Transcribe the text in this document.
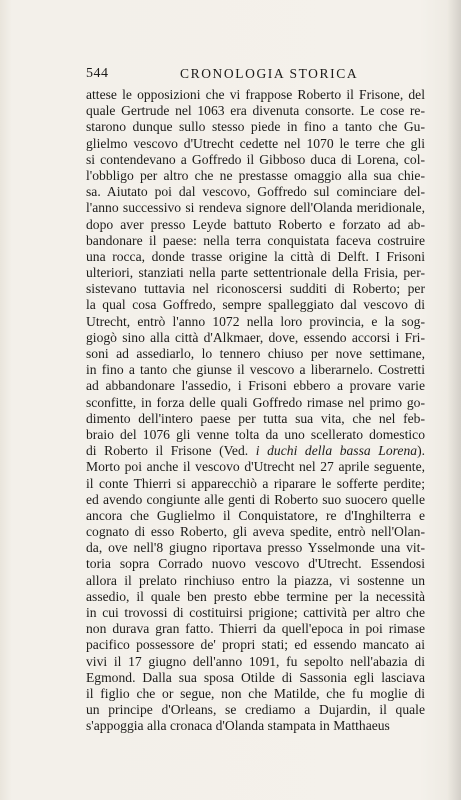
544	CRONOLOGIA STORICA
attese le opposizioni che vi frappose Roberto il Frisone, del
quale Gertrude nel 1063 era divenuta consorte. Le cose re-
starono dunque sullo stesso piede in fino a tanto che Gu-
glielmo vescovo d'Utrecht cedette nel 1070 le terre che gli
si contendevano a Goffredo il Gibboso duca di Lorena, col-
l'obbligo per altro che ne prestasse omaggio alla sua chie-
sa. Aiutato poi dal vescovo, Goffredo sul cominciare del-
l'anno successivo si rendeva signore dell'Olanda meridionale,
dopo aver presso Leyde battuto Roberto e forzato ad ab-
bandonare il paese: nella terra conquistata faceva costruire
una rocca, donde trasse origine la città di Delft. I Frisoni
ulteriori, stanziati nella parte settentrionale della Frisia, per-
sistevano tuttavia nel riconoscersi sudditi di Roberto; per
la qual cosa Goffredo, sempre spalleggiato dal vescovo di
Utrecht, entrò l'anno 1072 nella loro provincia, e la sog-
giogò sino alla città d'Alkmaer, dove, essendo accorsi i Fri-
soni ad assediarlo, lo tennero chiuso per nove settimane,
in fino a tanto che giunse il vescovo a liberarnelo. Costretti
ad abbandonare l'assedio, i Frisoni ebbero a provare varie
sconfitte, in forza delle quali Goffredo rimase nel primo go-
dimento dell'intero paese per tutta sua vita, che nel feb-
braio del 1076 gli venne tolta da uno scellerato domestico
di Roberto il Frisone (Ved. i duchi della bassa Lorena).
Morto poi anche il vescovo d'Utrecht nel 27 aprile seguente,
il conte Thierri si apparecchiò a riparare le sofferte perdite;
ed avendo congiunte alle genti di Roberto suo suocero quelle
ancora che Guglielmo il Conquistatore, re d'Inghilterra e
cognato di esso Roberto, gli aveva spedite, entrò nell'Olan-
da, ove nell'8 giugno riportava presso Ysselmonde una vit-
toria sopra Corrado nuovo vescovo d'Utrecht. Essendosi
allora il prelato rinchiuso entro la piazza, vi sostenne un
assedio, il quale ben presto ebbe termine per la necessità
in cui trovossi di costituirsi prigione; cattività per altro che
non durava gran fatto. Thierri da quell'epoca in poi rimase
pacifico possessore de' propri stati; ed essendo mancato ai
vivi il 17 giugno dell'anno 1091, fu sepolto nell'abazia di
Egmond. Dalla sua sposa Otilde di Sassonia egli lasciava
il figlio che or segue, non che Matilde, che fu moglie di
un principe d'Orleans, se crediamo a Dujardin, il quale
s'appoggia alla cronaca d'Olanda stampata in Matthaeus
